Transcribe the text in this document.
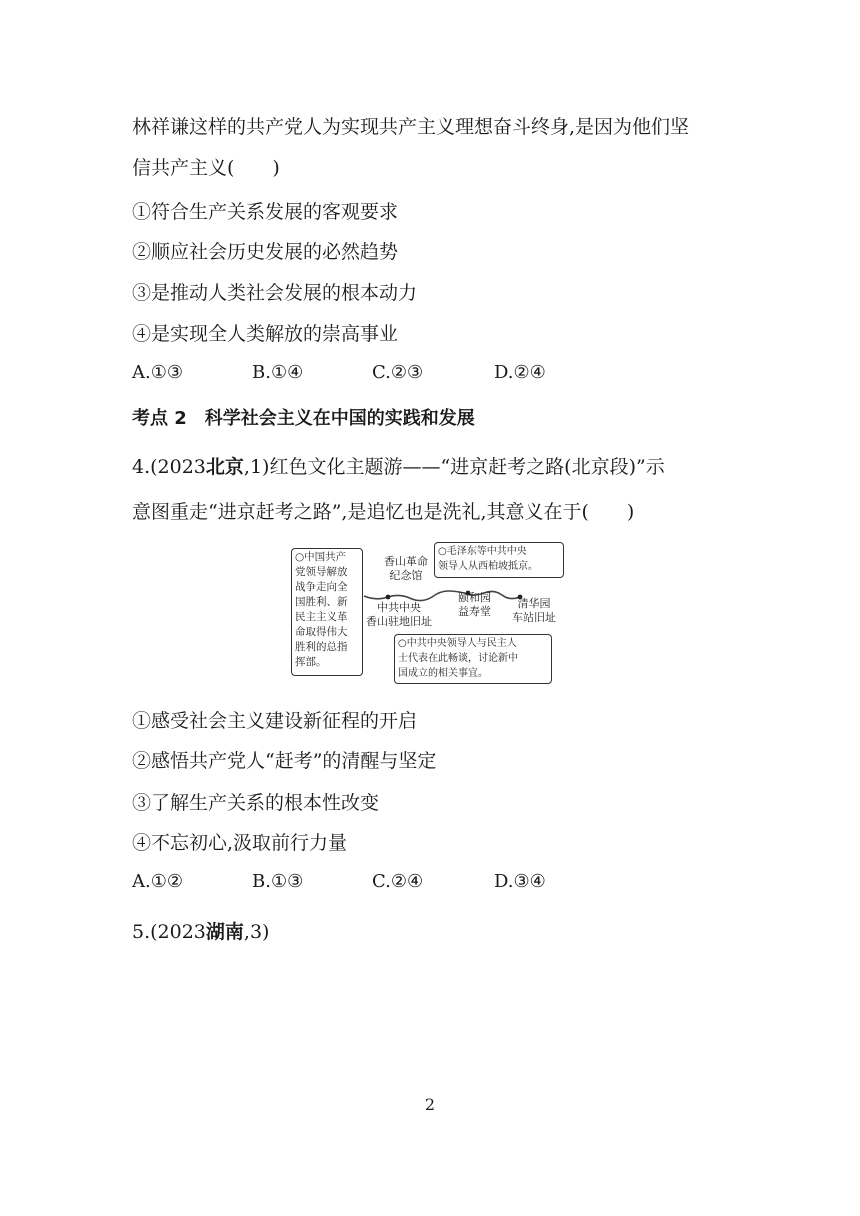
林祥谦这样的共产党人为实现共产主义理想奋斗终身,是因为他们坚
信共产主义(　　)
①符合生产关系发展的客观要求
②顺应社会历史发展的必然趋势
③是推动人类社会发展的根本动力
④是实现全人类解放的崇高事业
A.①③	B.①④	C.②③	D.②④
考点 2　科学社会主义在中国的实践和发展
4.(2023北京,1)红色文化主题游——“进京赶考之路(北京段)”示
意图重走“进京赶考之路”,是追忆也是洗礼,其意义在于(　　)
○中国共产
党领导解放
战争走向全
国胜利、新
民主主义革
命取得伟大
胜利的总指
挥部。
○毛泽东等中共中央
领导人从西柏坡抵京。
香山革命
纪念馆
中共中央
香山驻地旧址
颐和园
益寿堂
清华园
车站旧址
○中共中央领导人与民主人
士代表在此畅谈，讨论新中
国成立的相关事宜。
①感受社会主义建设新征程的开启
②感悟共产党人“赶考”的清醒与坚定
③了解生产关系的根本性改变
④不忘初心,汲取前行力量
A.①②	B.①③	C.②④	D.③④
5.(2023湖南,3)
2
